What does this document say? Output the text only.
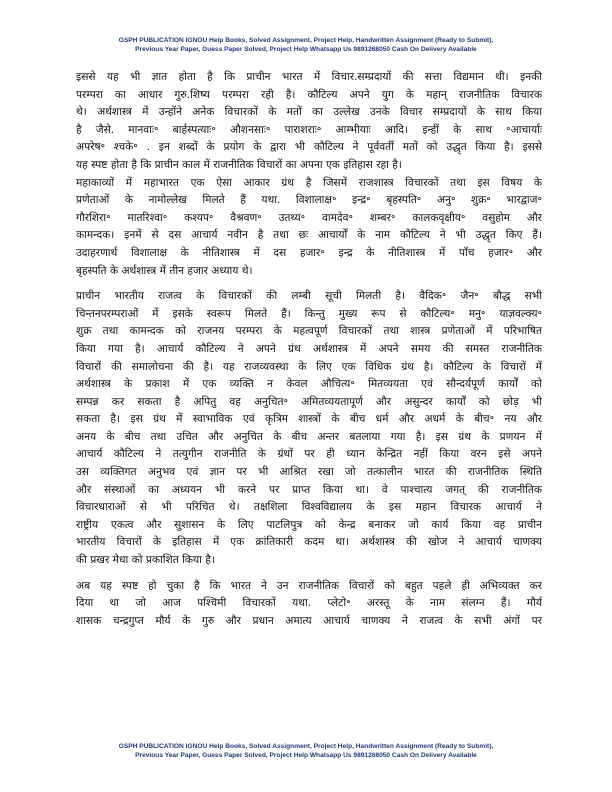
GSPH PUBLICATION IGNOU Help Books, Solved Assignment, Project Help, Handwritten Assignment (Ready to Submit),
Previous Year Paper, Guess Paper Solved, Project Help Whatsapp Us 9891268050 Cash On Delivery Available

इससे यह भी ज्ञात होता है कि प्राचीन भारत में विचार.सम्प्रदायों की सत्ता विद्यमान थी। इनकी
परम्परा का आधार गुरु.शिष्य परम्परा रही है। कौटिल्य अपने युग के महान् राजनीतिक विचारक
थे। अर्थशास्त्र में उन्होंने अनेक विचारकों के मतों का उल्लेख उनके विचार सम्प्रदायों के साथ किया
है जैसे. मानवाः॰ बार्हस्पत्याः॰ औशनसाः॰ पाराशराः॰ आम्भीयाः आदि। इन्हीं के साथ ॰आचार्याः
अपरेष॰ श्चके॰ . इन शब्दों के प्रयोग के द्वारा भी कौटिल्य ने पूर्ववर्ती मतों को उद्धृत किया है। इससे
यह स्पष्ट होता है कि प्राचीन काल में राजनीतिक विचारों का अपना एक इतिहास रहा है।
महाकाव्यों में महाभारत एक ऐसा आकार ग्रंथ है जिसमें राजशास्त्र विचारकों तथा इस विषय के
प्रणेताओं के नामोल्लेख मिलते हैं यथा. विशालाक्ष॰ इन्द्र॰ बृहस्पति॰ अनु॰ शुक्र॰ भारद्वाज॰
गौरशिरा॰ मातरिश्वा॰ कश्यप॰ वैश्रवण॰ उतथ्य॰ वामदेव॰ शम्बर॰ कालकवृक्षीय॰ वसुहोम और
कामन्दक। इनमें से दस आचार्य नवीन है तथा छः आचार्यों के नाम कौटिल्य ने भी उद्धृत किए हैं।
उदाहरणार्थ विशालाक्ष के नीतिशास्त्र में दस हजार॰ इन्द्र के नीतिशास्त्र में पाँच हजार॰ और
बृहस्पति के अर्थशास्त्र में तीन हजार अध्याय थे।

प्राचीन भारतीय राजत्व के विचारकों की लम्बी सूची मिलती है। वैदिक॰ जैन॰ बौद्ध सभी
चिन्तनपरम्पराओं में इसके स्वरूप मिलते हैं। किन्तु मुख्य रूप से कौटिल्य॰ मनु॰ याज्ञवल्क्य॰
शुक्र तथा कामन्दक को राजनय परम्परा के महत्वपूर्ण विचारकों तथा शास्त्र प्रणेताओं में परिभाषित
किया गया है। आचार्य कौटिल्य ने अपने ग्रंथ अर्थशास्त्र में अपने समय की समस्त राजनीतिक
विचारों की समालोचना की है। यह राजव्यवस्था के लिए एक विधिक ग्रंथ है। कौटिल्य के विचारों में
अर्थशास्त्र के प्रकाश में एक व्यक्ति न केवल औचित्य॰ मितव्ययता एवं सौन्दर्यपूर्ण कार्यों को
सम्पन्न कर सकता है अपितु वह अनुचित॰ अमितव्ययतापूर्ण और असुन्दर कार्यों को छोड़ भी
सकता है। इस ग्रंथ में स्वाभाविक एवं कृत्रिम शास्त्रों के बीच धर्म और अधर्म के बीच॰ नय और
अनय के बीच तथा उचित और अनुचित के बीच अन्तर बतलाया गया है। इस ग्रंथ के प्रणयन में
आचार्य कौटिल्य ने तत्युगीन राजनीति के ग्रंथों पर ही ध्यान केन्द्रित नहीं किया वरन इसे अपने
उस व्यक्तिगत अनुभव एवं ज्ञान पर भी आश्रित रखा जो तत्कालीन भारत की राजनीतिक स्थिति
और संस्थाओं का अध्ययन भी करने पर प्राप्त किया था। वे पाश्चात्य जगत् की राजनीतिक
विचारधाराओं से भी परिचित थे। तक्षशिला विश्वविद्यालय के इस महान विचारक आचार्य ने
राष्ट्रीय एकत्व और सुशासन के लिए पाटलिपुत्र को केन्द्र बनाकर जो कार्य किया वह प्राचीन
भारतीय विचारों के इतिहास में एक क्रांतिकारी कदम था। अर्थशास्त्र की खोज ने आचार्य चाणक्य
की प्रखर मेधा को प्रकाशित किया है।

अब यह स्पष्ट हो चुका है कि भारत ने उन राजनीतिक विचारों को बहुत पहले ही अभिव्यक्त कर
दिया था जो आज पश्चिमी विचारकों यथा. प्लेटो॰ अरस्तू के नाम संलग्न हैं। मौर्य
शासक चन्द्रगुप्त मौर्य के गुरु और प्रधान अमात्य आचार्य चाणक्य ने राजत्व के सभी अंगों पर

GSPH PUBLICATION IGNOU Help Books, Solved Assignment, Project Help, Handwritten Assignment (Ready to Submit),
Previous Year Paper, Guess Paper Solved, Project Help Whatsapp Us 9891268050 Cash On Delivery Available
